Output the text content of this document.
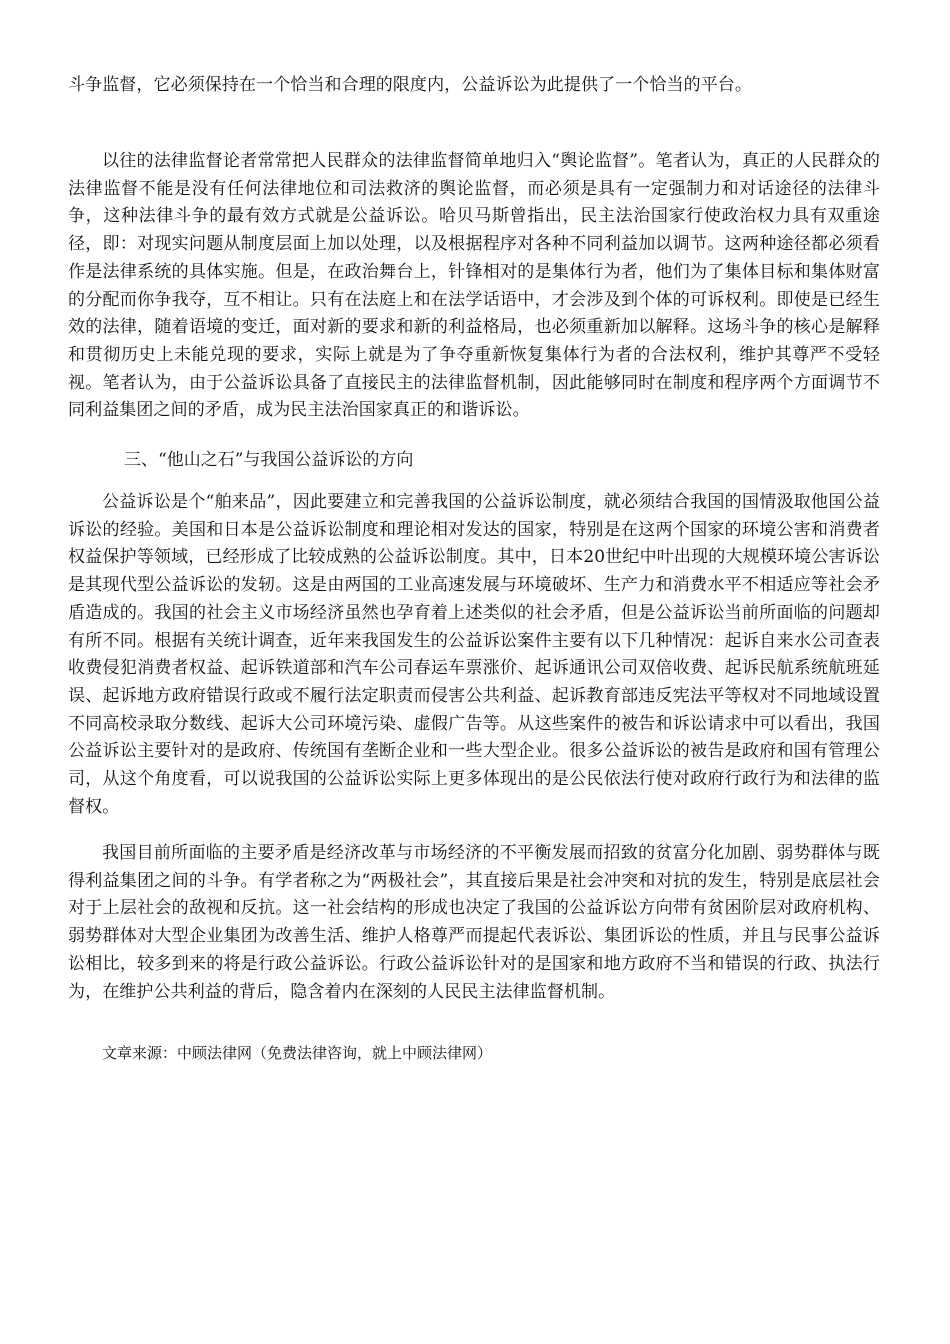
斗争监督，它必须保持在一个恰当和合理的限度内，公益诉讼为此提供了一个恰当的平台。

以往的法律监督论者常常把人民群众的法律监督简单地归入“舆论监督”。笔者认为，真正的人民群众的法律监督不能是没有任何法律地位和司法救济的舆论监督，而必须是具有一定强制力和对话途径的法律斗争，这种法律斗争的最有效方式就是公益诉讼。哈贝马斯曾指出，民主法治国家行使政治权力具有双重途径，即：对现实问题从制度层面上加以处理，以及根据程序对各种不同利益加以调节。这两种途径都必须看作是法律系统的具体实施。但是，在政治舞台上，针锋相对的是集体行为者，他们为了集体目标和集体财富的分配而你争我夺，互不相让。只有在法庭上和在法学话语中，才会涉及到个体的可诉权利。即使是已经生效的法律，随着语境的变迁，面对新的要求和新的利益格局，也必须重新加以解释。这场斗争的核心是解释和贯彻历史上未能兑现的要求，实际上就是为了争夺重新恢复集体行为者的合法权利，维护其尊严不受轻视。笔者认为，由于公益诉讼具备了直接民主的法律监督机制，因此能够同时在制度和程序两个方面调节不同利益集团之间的矛盾，成为民主法治国家真正的和谐诉讼。

三、“他山之石”与我国公益诉讼的方向

公益诉讼是个“舶来品”，因此要建立和完善我国的公益诉讼制度，就必须结合我国的国情汲取他国公益诉讼的经验。美国和日本是公益诉讼制度和理论相对发达的国家，特别是在这两个国家的环境公害和消费者权益保护等领域，已经形成了比较成熟的公益诉讼制度。其中，日本20世纪中叶出现的大规模环境公害诉讼是其现代型公益诉讼的发轫。这是由两国的工业高速发展与环境破坏、生产力和消费水平不相适应等社会矛盾造成的。我国的社会主义市场经济虽然也孕育着上述类似的社会矛盾，但是公益诉讼当前所面临的问题却有所不同。根据有关统计调查，近年来我国发生的公益诉讼案件主要有以下几种情况：起诉自来水公司查表收费侵犯消费者权益、起诉铁道部和汽车公司春运车票涨价、起诉通讯公司双倍收费、起诉民航系统航班延误、起诉地方政府错误行政或不履行法定职责而侵害公共利益、起诉教育部违反宪法平等权对不同地域设置不同高校录取分数线、起诉大公司环境污染、虚假广告等。从这些案件的被告和诉讼请求中可以看出，我国公益诉讼主要针对的是政府、传统国有垄断企业和一些大型企业。很多公益诉讼的被告是政府和国有管理公司，从这个角度看，可以说我国的公益诉讼实际上更多体现出的是公民依法行使对政府行政行为和法律的监督权。

我国目前所面临的主要矛盾是经济改革与市场经济的不平衡发展而招致的贫富分化加剧、弱势群体与既得利益集团之间的斗争。有学者称之为“两极社会”，其直接后果是社会冲突和对抗的发生，特别是底层社会对于上层社会的敌视和反抗。这一社会结构的形成也决定了我国的公益诉讼方向带有贫困阶层对政府机构、弱势群体对大型企业集团为改善生活、维护人格尊严而提起代表诉讼、集团诉讼的性质，并且与民事公益诉讼相比，较多到来的将是行政公益诉讼。行政公益诉讼针对的是国家和地方政府不当和错误的行政、执法行为，在维护公共利益的背后，隐含着内在深刻的人民民主法律监督机制。

文章来源：中顾法律网（免费法律咨询，就上中顾法律网）
